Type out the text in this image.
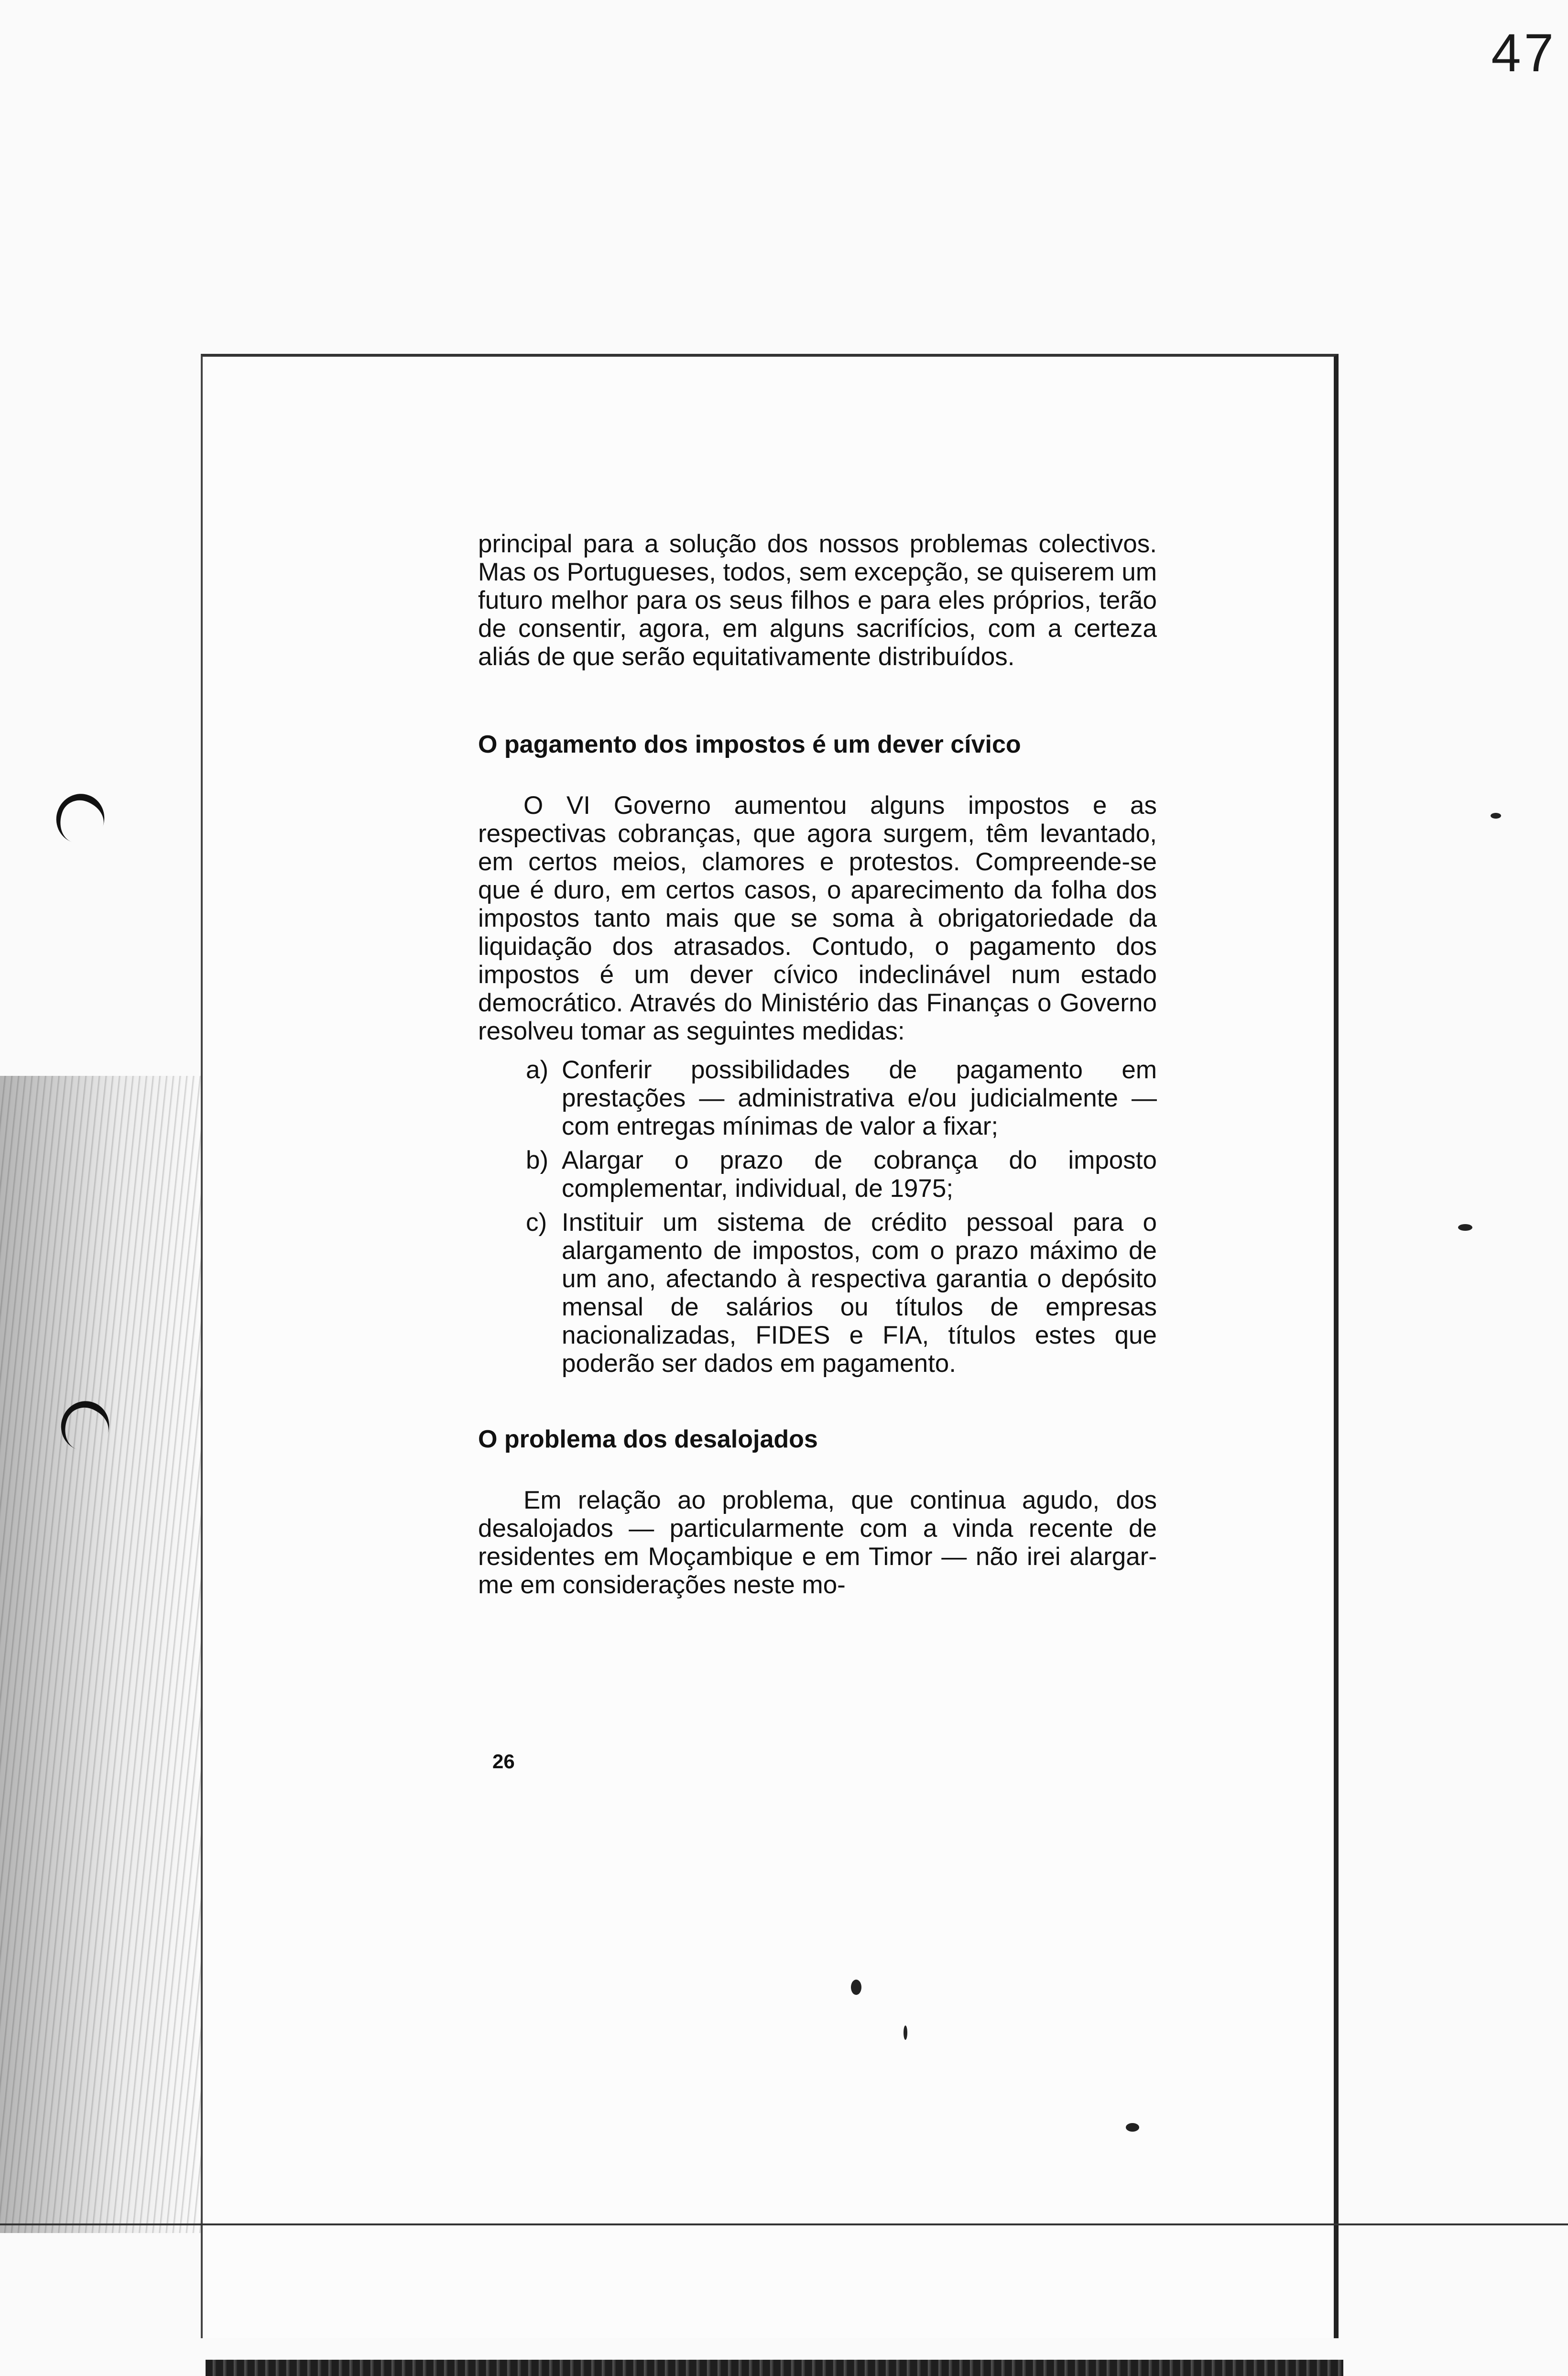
47

principal para a solução dos nossos problemas colectivos. Mas os Portugueses, todos, sem excepção, se quiserem um futuro melhor para os seus filhos e para eles próprios, terão de consentir, agora, em alguns sacrifícios, com a certeza aliás de que serão equitativamente distribuídos.

O pagamento dos impostos é um dever cívico

O VI Governo aumentou alguns impostos e as respectivas cobranças, que agora surgem, têm levantado, em certos meios, clamores e protestos. Compreende-se que é duro, em certos casos, o aparecimento da folha dos impostos tanto mais que se soma à obrigatoriedade da liquidação dos atrasados. Contudo, o pagamento dos impostos é um dever cívico indeclinável num estado democrático. Através do Ministério das Finanças o Governo resolveu tomar as seguintes medidas:

a) Conferir possibilidades de pagamento em prestações — administrativa e/ou judicialmente — com entregas mínimas de valor a fixar;
b) Alargar o prazo de cobrança do imposto complementar, individual, de 1975;
c) Instituir um sistema de crédito pessoal para o alargamento de impostos, com o prazo máximo de um ano, afectando à respectiva garantia o depósito mensal de salários ou títulos de empresas nacionalizadas, FIDES e FIA, títulos estes que poderão ser dados em pagamento.
O problema dos desalojados

Em relação ao problema, que continua agudo, dos desalojados — particularmente com a vinda recente de residentes em Moçambique e em Timor — não irei alargar-me em considerações neste mo-

26
